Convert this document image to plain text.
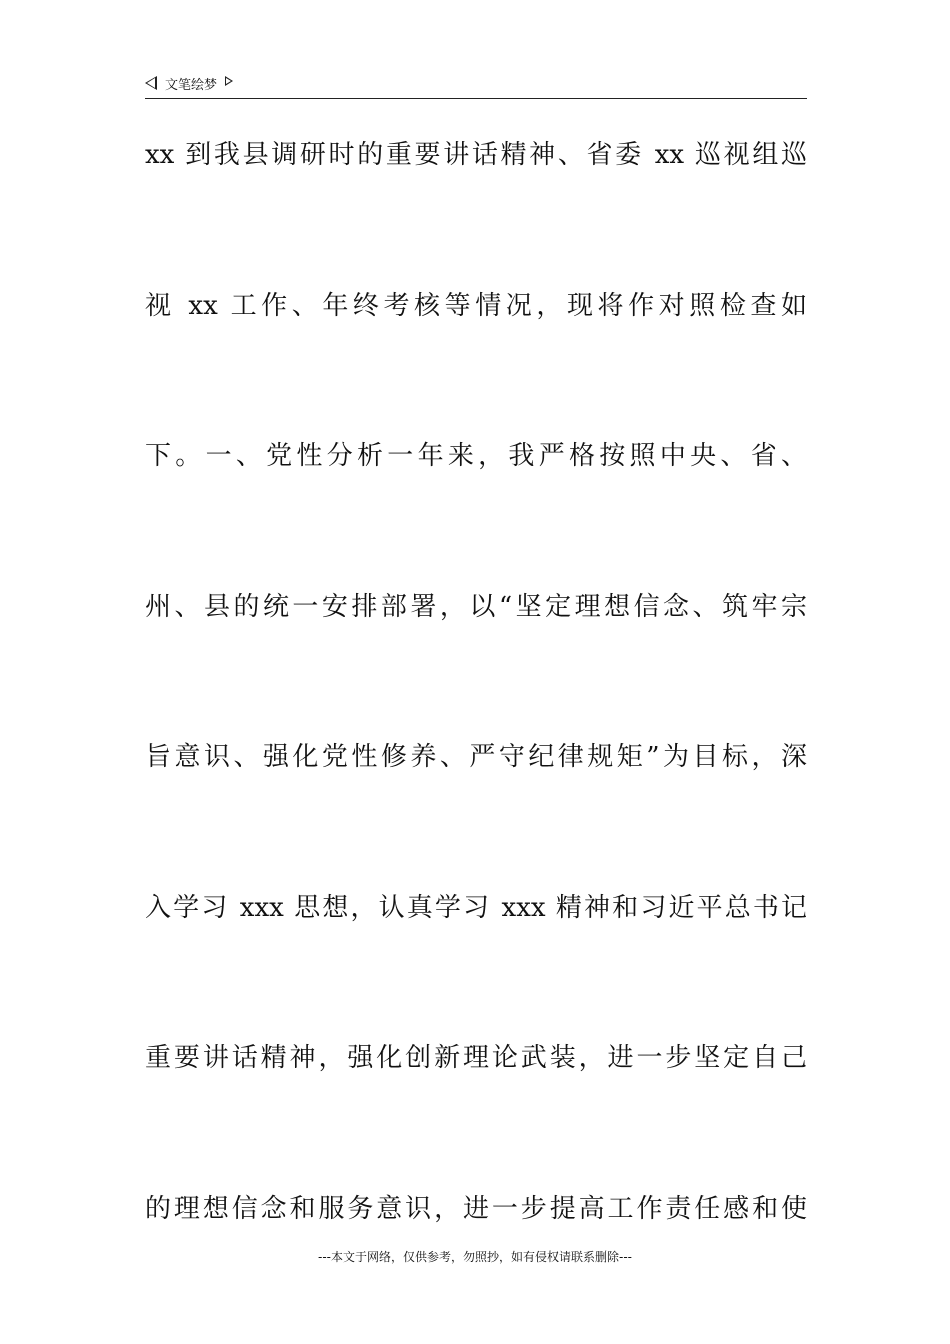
文笔绘梦
xx 到我县调研时的重要讲话精神、省委 xx 巡视组巡
视 xx 工作、年终考核等情况，现将作对照检查如
下。一、党性分析一年来，我严格按照中央、省、
州、县的统一安排部署，以“坚定理想信念、筑牢宗
旨意识、强化党性修养、严守纪律规矩”为目标，深
入学习 xxx 思想，认真学习 xxx 精神和习近平总书记
重要讲话精神，强化创新理论武装，进一步坚定自己
的理想信念和服务意识，进一步提高工作责任感和使
---本文于网络，仅供参考，勿照抄，如有侵权请联系删除---
